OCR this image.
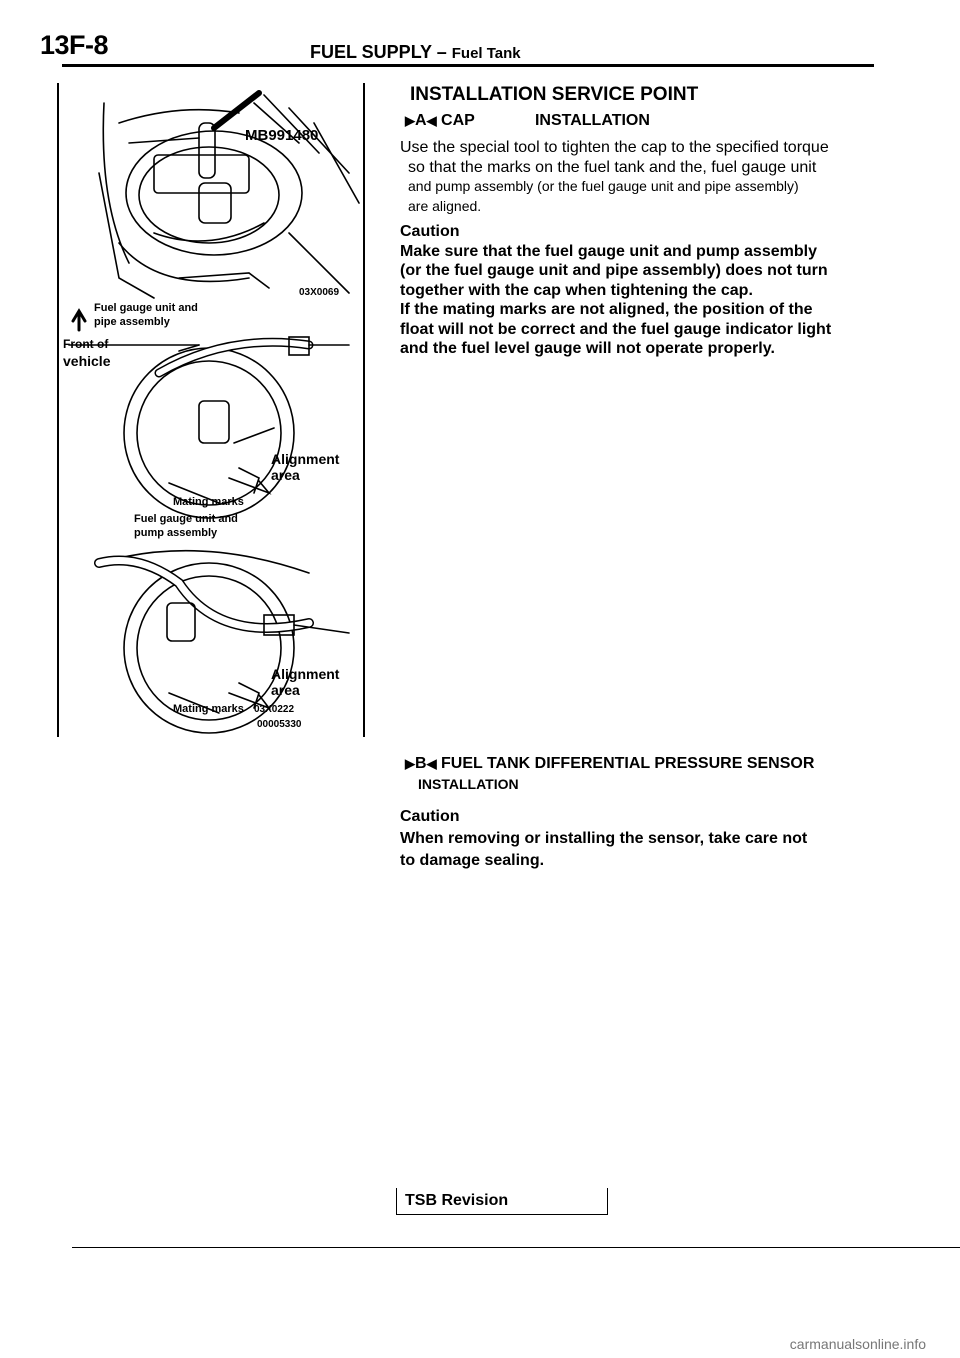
13F-8	FUEL SUPPLY – Fuel Tank
MB991480
03X0069
Fuel gauge unit and
pipe assembly
Front of
vehicle
Alignment
area
Mating marks
Fuel gauge unit and
pump assembly
Alignment
area
Mating marks 03X0222
00005330
INSTALLATION SERVICE POINT
▶A◀ CAP	INSTALLATION
Use the special tool to tighten the cap to the specified torque
so that the marks on the fuel tank and the, fuel gauge unit
and pump assembly (or the fuel gauge unit and pipe assembly)
are aligned.
Caution
Make sure that the fuel gauge unit and pump assembly
(or the fuel gauge unit and pipe assembly) does not turn
together with the cap when tightening the cap.
If the mating marks are not aligned, the position of the
float will not be correct and the fuel gauge indicator light
and the fuel level gauge will not operate properly.
▶B◀ FUEL TANK DIFFERENTIAL PRESSURE SENSOR
INSTALLATION
Caution
When removing or installing the sensor, take care not
to damage sealing.
TSB Revision
carmanualsonline.info
